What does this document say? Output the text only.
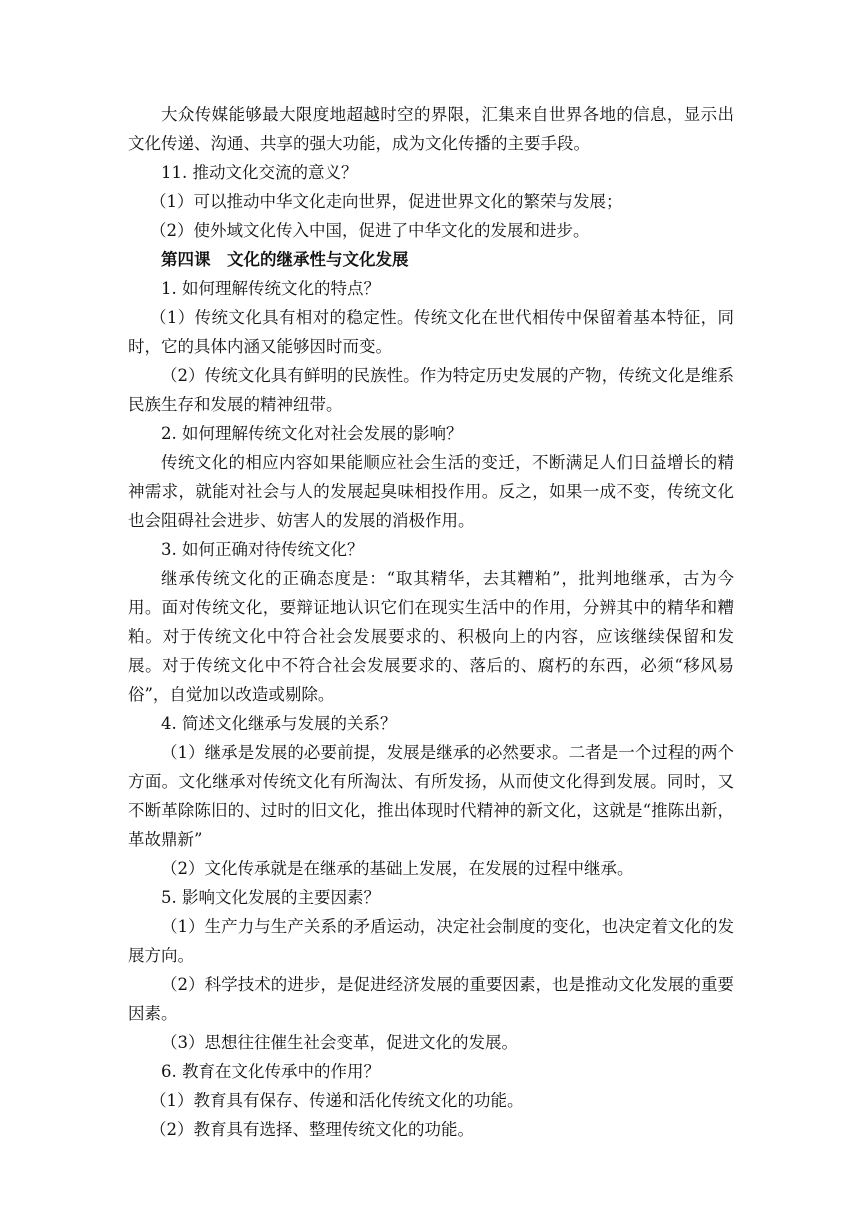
大众传媒能够最大限度地超越时空的界限，汇集来自世界各地的信息，显示出文化传递、沟通、共享的强大功能，成为文化传播的主要手段。

11. 推动文化交流的意义？

（1）可以推动中华文化走向世界，促进世界文化的繁荣与发展；

（2）使外域文化传入中国，促进了中华文化的发展和进步。

第四课　文化的继承性与文化发展

1. 如何理解传统文化的特点？

（1）传统文化具有相对的稳定性。传统文化在世代相传中保留着基本特征，同时，它的具体内涵又能够因时而变。

（2）传统文化具有鲜明的民族性。作为特定历史发展的产物，传统文化是维系民族生存和发展的精神纽带。

2. 如何理解传统文化对社会发展的影响？

传统文化的相应内容如果能顺应社会生活的变迁，不断满足人们日益增长的精神需求，就能对社会与人的发展起臭味相投作用。反之，如果一成不变，传统文化也会阻碍社会进步、妨害人的发展的消极作用。

3. 如何正确对待传统文化？

继承传统文化的正确态度是：“取其精华，去其糟粕”，批判地继承，古为今用。面对传统文化，要辩证地认识它们在现实生活中的作用，分辨其中的精华和糟粕。对于传统文化中符合社会发展要求的、积极向上的内容，应该继续保留和发展。对于传统文化中不符合社会发展要求的、落后的、腐朽的东西，必须“移风易俗”，自觉加以改造或剔除。

4. 简述文化继承与发展的关系？

（1）继承是发展的必要前提，发展是继承的必然要求。二者是一个过程的两个方面。文化继承对传统文化有所淘汰、有所发扬，从而使文化得到发展。同时，又不断革除陈旧的、过时的旧文化，推出体现时代精神的新文化，这就是“推陈出新，革故鼎新”

（2）文化传承就是在继承的基础上发展，在发展的过程中继承。

5. 影响文化发展的主要因素？

（1）生产力与生产关系的矛盾运动，决定社会制度的变化，也决定着文化的发展方向。

（2）科学技术的进步，是促进经济发展的重要因素，也是推动文化发展的重要因素。

（3）思想往往催生社会变革，促进文化的发展。

6. 教育在文化传承中的作用？

（1）教育具有保存、传递和活化传统文化的功能。

（2）教育具有选择、整理传统文化的功能。
